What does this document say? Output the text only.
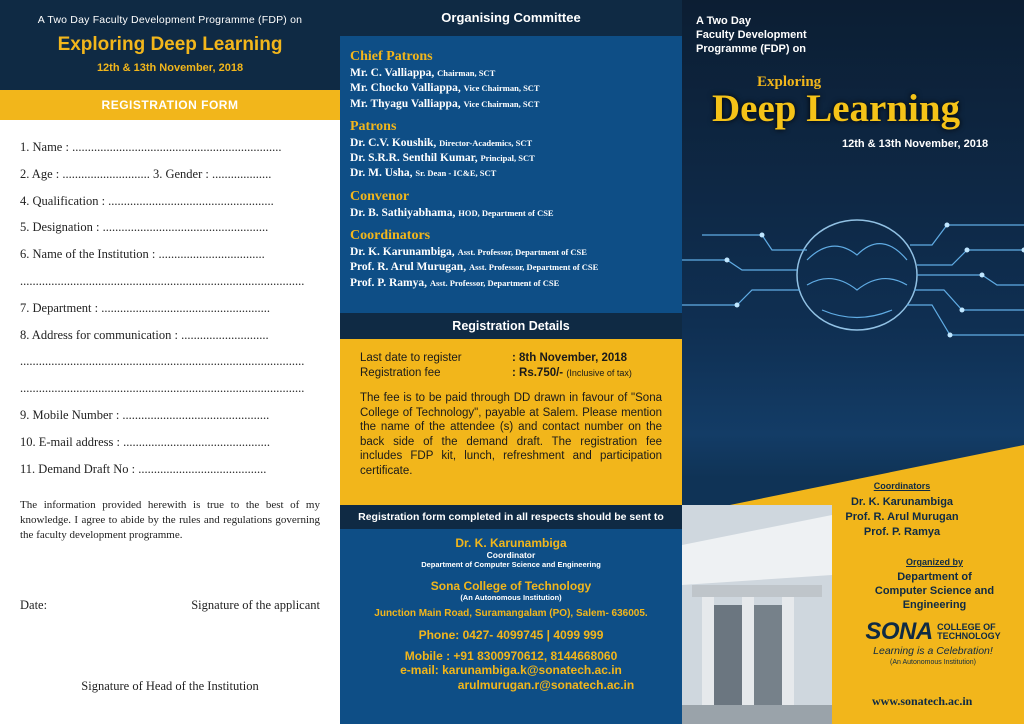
A Two Day Faculty Development Programme (FDP) on
Exploring Deep Learning
12th & 13th November, 2018
REGISTRATION FORM
1. Name : ...................................................................
2. Age : ............................ 3. Gender : ...................
4. Qualification : .....................................................
5. Designation : .....................................................
6. Name of the Institution : ..................................
...........................................................................................
7. Department : ......................................................
8. Address for communication : ............................
...........................................................................................
...........................................................................................
9. Mobile Number : ...............................................
10. E-mail address : ...............................................
11. Demand Draft No : .........................................
The information provided herewith is true to the best of my knowledge. I agree to abide by the rules and regulations governing the faculty development programme.
Date:	Signature of the applicant
Signature of Head of the Institution
Organising Committee
Chief Patrons
Mr. C. Valliappa, Chairman, SCT
Mr. Chocko Valliappa, Vice Chairman, SCT
Mr. Thyagu Valliappa, Vice Chairman, SCT
Patrons
Dr. C.V. Koushik, Director-Academics, SCT
Dr. S.R.R. Senthil Kumar, Principal, SCT
Dr. M. Usha, Sr. Dean - IC&E, SCT
Convenor
Dr. B. Sathiyabhama, HOD, Department of CSE
Coordinators
Dr. K. Karunambiga, Asst. Professor, Department of CSE
Prof. R. Arul Murugan, Asst. Professor, Department of CSE
Prof. P. Ramya, Asst. Professor, Department of CSE
Registration Details
Last date to register	: 8th November, 2018
Registration fee	: Rs.750/- (Inclusive of tax)
The fee is to be paid through DD drawn in favour of "Sona College of Technology", payable at Salem. Please mention the name of the attendee (s) and contact number on the back side of the demand draft. The registration fee includes FDP kit, lunch, refreshment and participation certificate.
Registration form completed in all respects should be sent to
Dr. K. Karunambiga
Coordinator
Department of Computer Science and Engineering
Sona College of Technology
(An Autonomous Institution)
Junction Main Road, Suramangalam (PO), Salem- 636005.
Phone: 0427- 4099745 | 4099 999
Mobile : +91 8300970612, 8144668060
e-mail: karunambiga.k@sonatech.ac.in
arulmurugan.r@sonatech.ac.in
A Two Day
Faculty Development
Programme (FDP) on
Exploring
Deep Learning
12th & 13th November, 2018
Coordinators
Dr. K. Karunambiga
Prof. R. Arul Murugan
Prof. P. Ramya
Organized by
Department of
Computer Science and
Engineering
SONA COLLEGE OF
TECHNOLOGY
Learning is a Celebration!
(An Autonomous Institution)
www.sonatech.ac.in
